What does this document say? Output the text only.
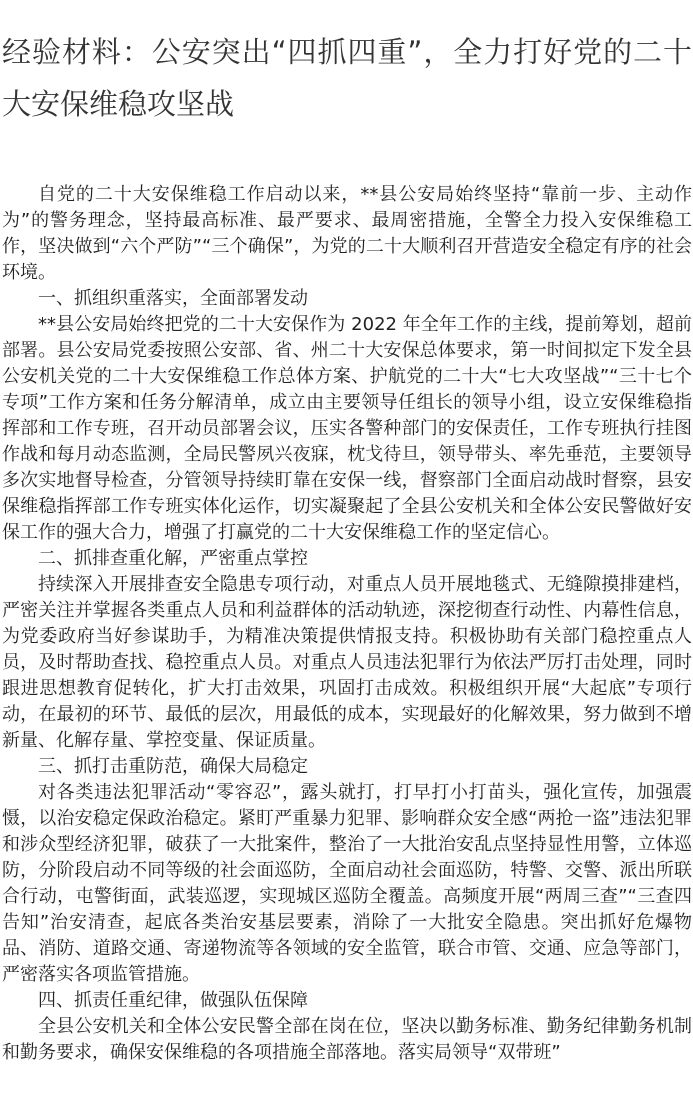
经验材料：公安突出“四抓四重”，全力打好党的二十大安保维稳攻坚战

自党的二十大安保维稳工作启动以来，**县公安局始终坚持“靠前一步、主动作为”的警务理念，坚持最高标准、最严要求、最周密措施，全警全力投入安保维稳工作，坚决做到“六个严防”“三个确保”，为党的二十大顺利召开营造安全稳定有序的社会环境。

一、抓组织重落实，全面部署发动

**县公安局始终把党的二十大安保作为 2022 年全年工作的主线，提前筹划，超前部署。县公安局党委按照公安部、省、州二十大安保总体要求，第一时间拟定下发全县公安机关党的二十大安保维稳工作总体方案、护航党的二十大“七大攻坚战”“三十七个专项”工作方案和任务分解清单，成立由主要领导任组长的领导小组，设立安保维稳指挥部和工作专班，召开动员部署会议，压实各警种部门的安保责任，工作专班执行挂图作战和每月动态监测，全局民警夙兴夜寐，枕戈待旦，领导带头、率先垂范，主要领导多次实地督导检查，分管领导持续盯靠在安保一线，督察部门全面启动战时督察，县安保维稳指挥部工作专班实体化运作，切实凝聚起了全县公安机关和全体公安民警做好安保工作的强大合力，增强了打赢党的二十大安保维稳工作的坚定信心。

二、抓排查重化解，严密重点掌控

持续深入开展排查安全隐患专项行动，对重点人员开展地毯式、无缝隙摸排建档，严密关注并掌握各类重点人员和利益群体的活动轨迹，深挖彻查行动性、内幕性信息，为党委政府当好参谋助手，为精准决策提供情报支持。积极协助有关部门稳控重点人员，及时帮助查找、稳控重点人员。对重点人员违法犯罪行为依法严厉打击处理，同时跟进思想教育促转化，扩大打击效果，巩固打击成效。积极组织开展“大起底”专项行动，在最初的环节、最低的层次，用最低的成本，实现最好的化解效果，努力做到不增新量、化解存量、掌控变量、保证质量。

三、抓打击重防范，确保大局稳定

对各类违法犯罪活动“零容忍”，露头就打，打早打小打苗头，强化宣传，加强震慑，以治安稳定保政治稳定。紧盯严重暴力犯罪、影响群众安全感“两抢一盗”违法犯罪和涉众型经济犯罪，破获了一大批案件，整治了一大批治安乱点坚持显性用警，立体巡防，分阶段启动不同等级的社会面巡防，全面启动社会面巡防，特警、交警、派出所联合行动，屯警街面，武装巡逻，实现城区巡防全覆盖。高频度开展“两周三查”“三查四告知”治安清查，起底各类治安基层要素，消除了一大批安全隐患。突出抓好危爆物品、消防、道路交通、寄递物流等各领域的安全监管，联合市管、交通、应急等部门，严密落实各项监管措施。

四、抓责任重纪律，做强队伍保障

全县公安机关和全体公安民警全部在岗在位，坚决以勤务标准、勤务纪律勤务机制和勤务要求，确保安保维稳的各项措施全部落地。落实局领导“双带班”
